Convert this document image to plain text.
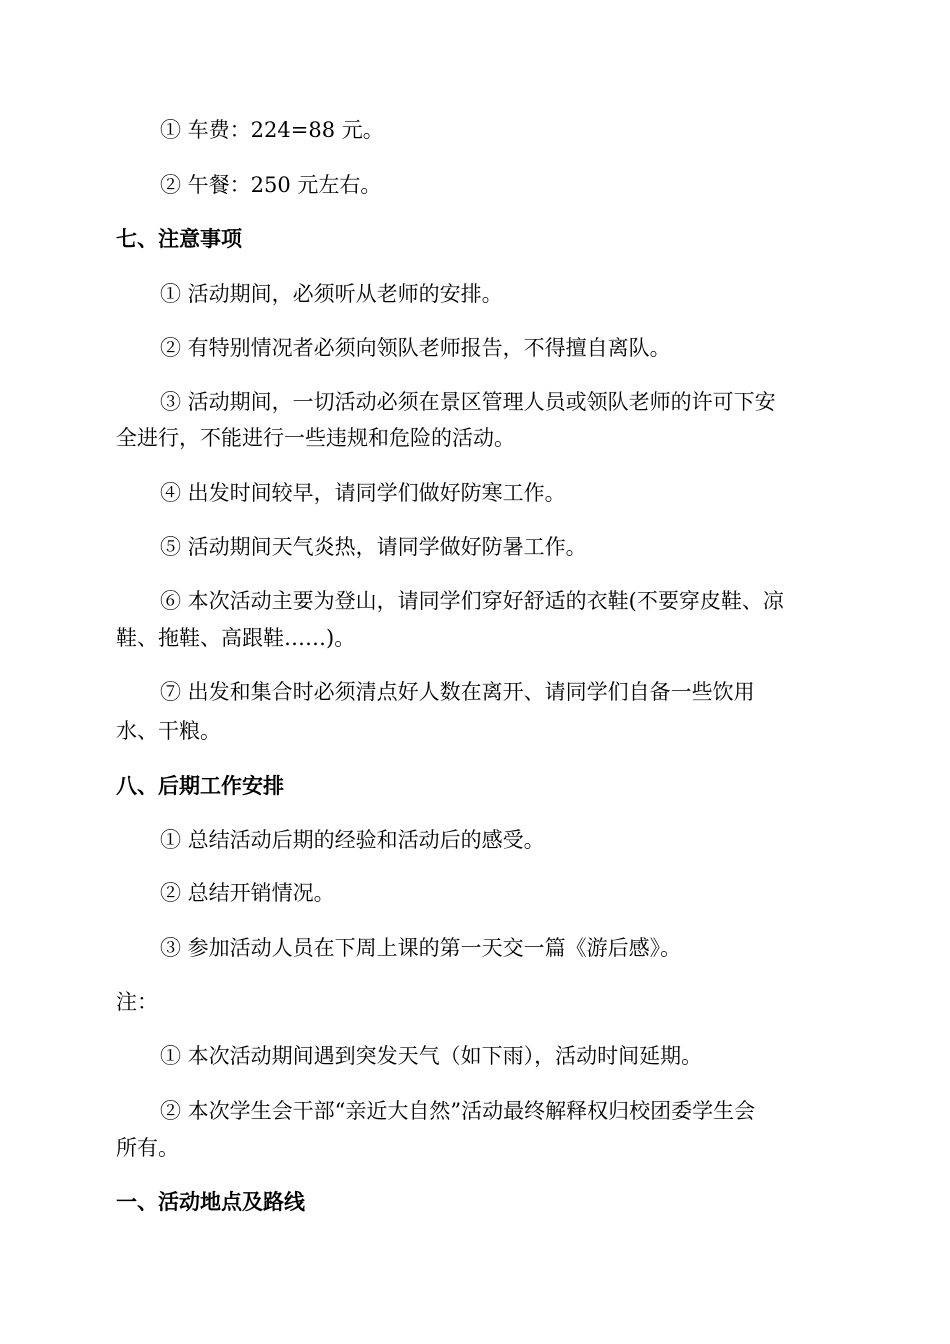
① 车费：224=88 元。
② 午餐：250 元左右。
七、注意事项
① 活动期间，必须听从老师的安排。
② 有特别情况者必须向领队老师报告，不得擅自离队。
③ 活动期间，一切活动必须在景区管理人员或领队老师的许可下安
全进行，不能进行一些违规和危险的活动。
④ 出发时间较早，请同学们做好防寒工作。
⑤ 活动期间天气炎热，请同学做好防暑工作。
⑥ 本次活动主要为登山，请同学们穿好舒适的衣鞋(不要穿皮鞋、凉
鞋、拖鞋、高跟鞋……)。
⑦ 出发和集合时必须清点好人数在离开、请同学们自备一些饮用
水、干粮。
八、后期工作安排
① 总结活动后期的经验和活动后的感受。
② 总结开销情况。
③ 参加活动人员在下周上课的第一天交一篇《游后感》。
注：
① 本次活动期间遇到突发天气（如下雨），活动时间延期。
② 本次学生会干部“亲近大自然”活动最终解释权归校团委学生会
所有。
一、活动地点及路线
